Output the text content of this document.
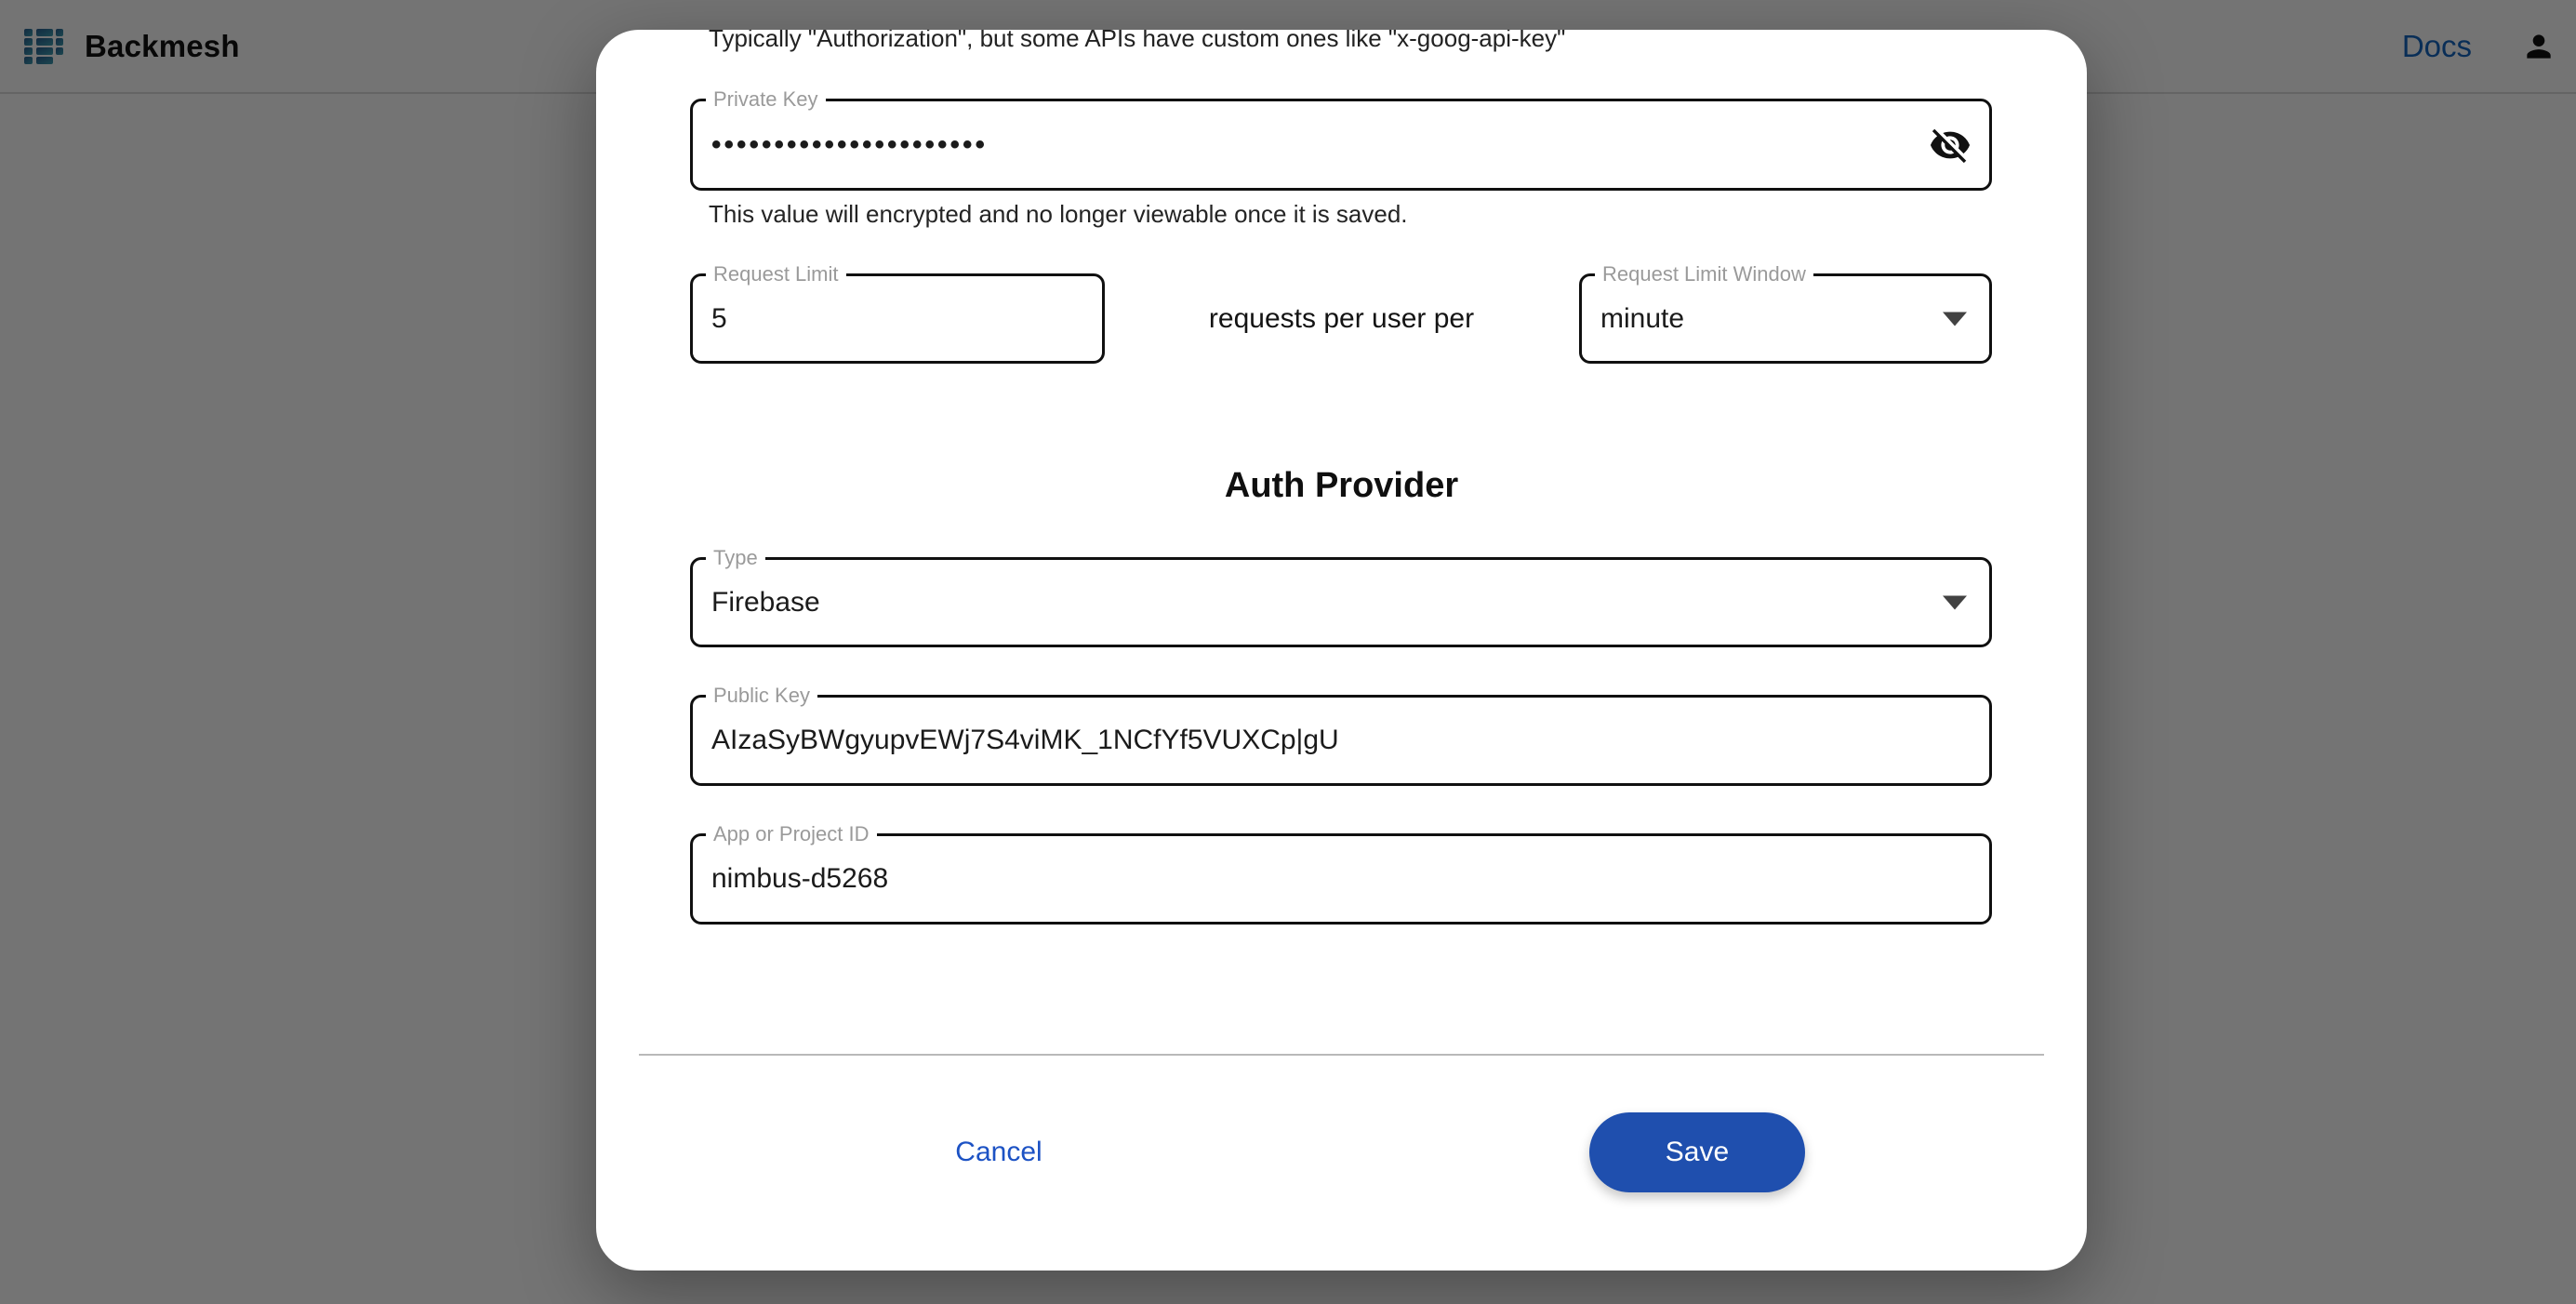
Typically "Authorization", but some APIs have custom ones like "x-goog-api-key"
Private Key
••••••••••••••••••••••
This value will encrypted and no longer viewable once it is saved.
Request Limit
5	requests per user per
Request Limit Window
minute
Auth Provider
Type
Firebase
Public Key
AIzaSyBWgyupvEWj7S4viMK_1NCfYf5VUXCp|gU
App or Project ID
nimbus-d5268
Cancel	Save
